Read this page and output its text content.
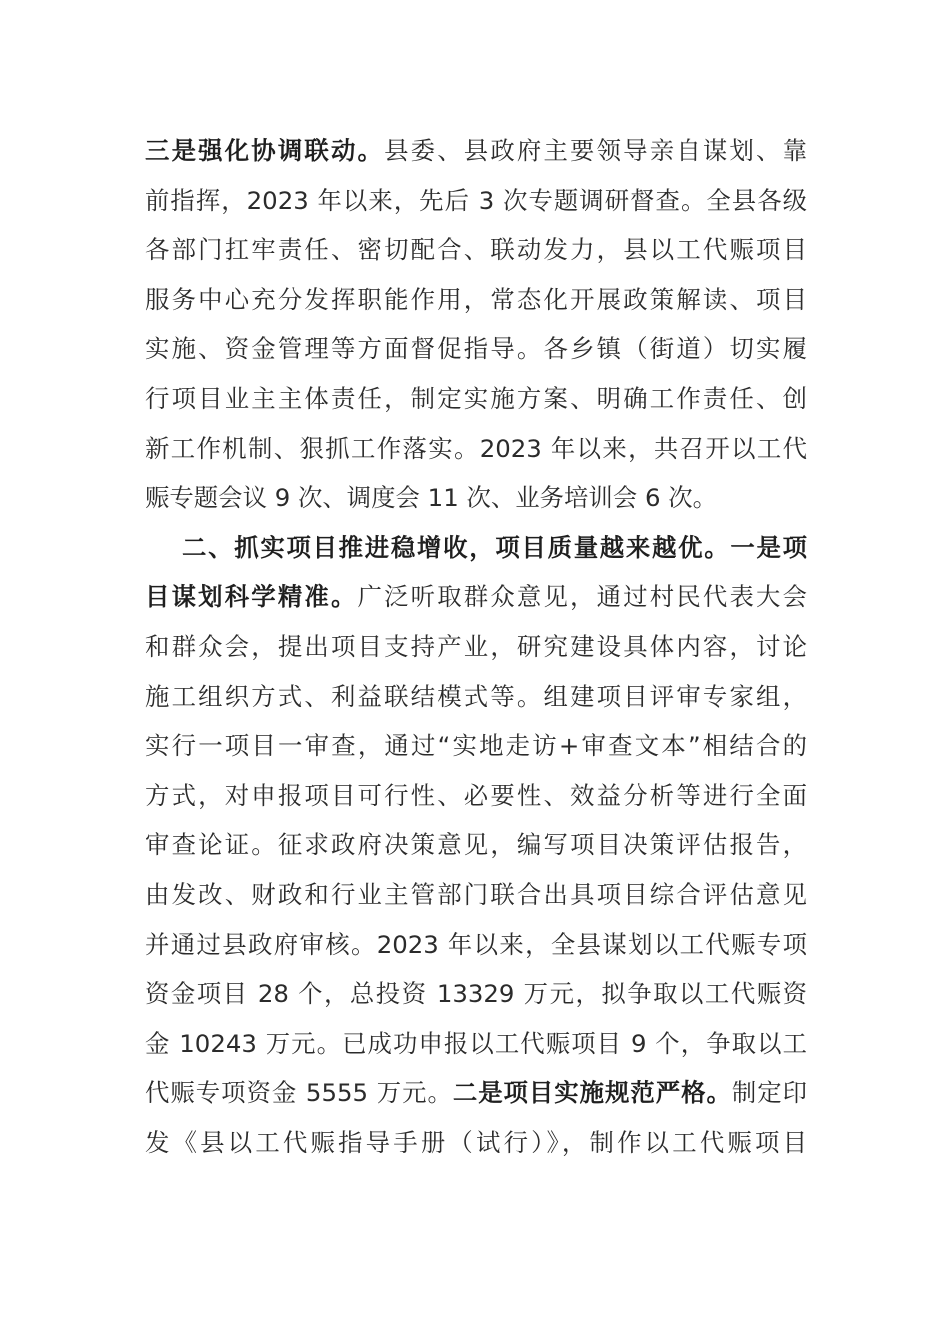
三是强化协调联动。县委、县政府主要领导亲自谋划、靠
前指挥，2023 年以来，先后 3 次专题调研督查。全县各级
各部门扛牢责任、密切配合、联动发力，县以工代赈项目
服务中心充分发挥职能作用，常态化开展政策解读、项目
实施、资金管理等方面督促指导。各乡镇（街道）切实履
行项目业主主体责任，制定实施方案、明确工作责任、创
新工作机制、狠抓工作落实。2023 年以来，共召开以工代
赈专题会议 9 次、调度会 11 次、业务培训会 6 次。
二、抓实项目推进稳增收，项目质量越来越优。一是项
目谋划科学精准。广泛听取群众意见，通过村民代表大会
和群众会，提出项目支持产业，研究建设具体内容，讨论
施工组织方式、利益联结模式等。组建项目评审专家组，
实行一项目一审查，通过“实地走访+审查文本”相结合的
方式，对申报项目可行性、必要性、效益分析等进行全面
审查论证。征求政府决策意见，编写项目决策评估报告，
由发改、财政和行业主管部门联合出具项目综合评估意见
并通过县政府审核。2023 年以来，全县谋划以工代赈专项
资金项目 28 个，总投资 13329 万元，拟争取以工代赈资
金 10243 万元。已成功申报以工代赈项目 9 个，争取以工
代赈专项资金 5555 万元。二是项目实施规范严格。制定印
发《县以工代赈指导手册（试行）》，制作以工代赈项目
